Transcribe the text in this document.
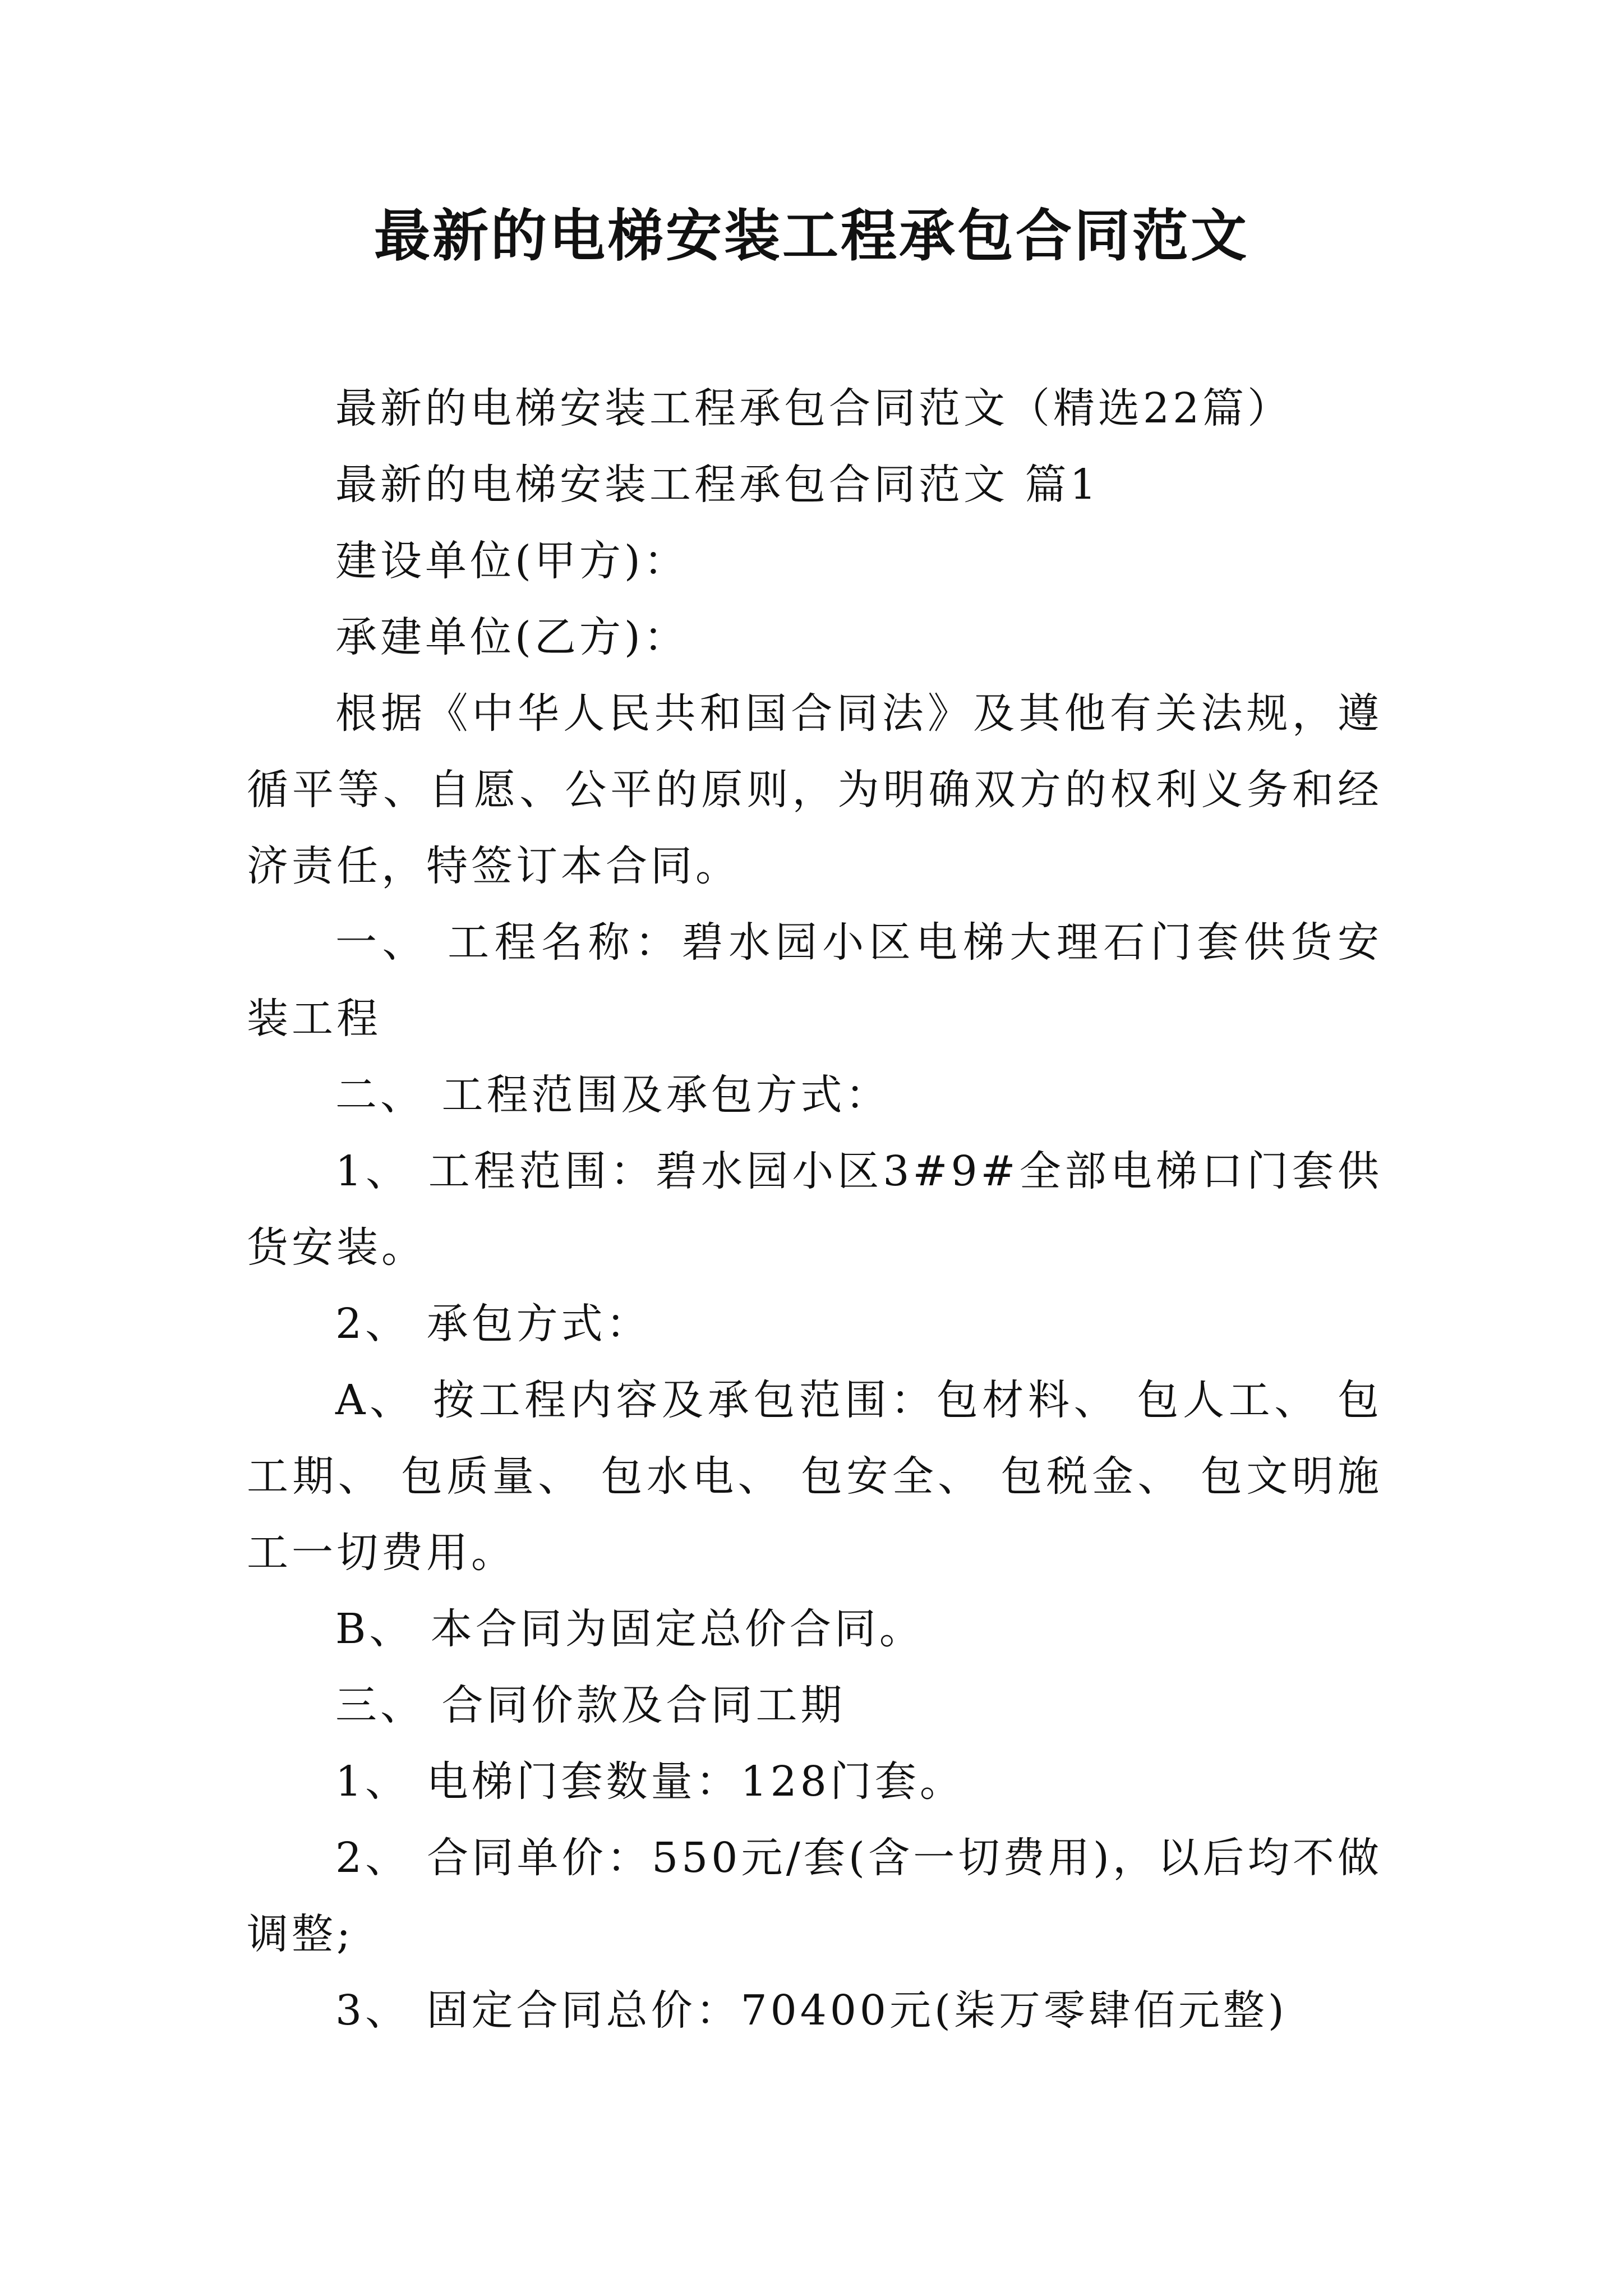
最新的电梯安装工程承包合同范文

最新的电梯安装工程承包合同范文（精选22篇）

最新的电梯安装工程承包合同范文 篇1

建设单位(甲方)：

承建单位(乙方)：

根据《中华人民共和国合同法》及其他有关法规，遵循平等、自愿、公平的原则，为明确双方的权利义务和经济责任，特签订本合同。

一、 工程名称：碧水园小区电梯大理石门套供货安装工程

二、 工程范围及承包方式：

1、 工程范围：碧水园小区3#9#全部电梯口门套供货安装。

2、 承包方式：

A、 按工程内容及承包范围：包材料、 包人工、 包工期、 包质量、 包水电、 包安全、 包税金、 包文明施工一切费用。

B、 本合同为固定总价合同。

三、 合同价款及合同工期

1、 电梯门套数量：128门套。

2、 合同单价：550元/套(含一切费用)，以后均不做调整;

3、 固定合同总价：70400元(柒万零肆佰元整)
